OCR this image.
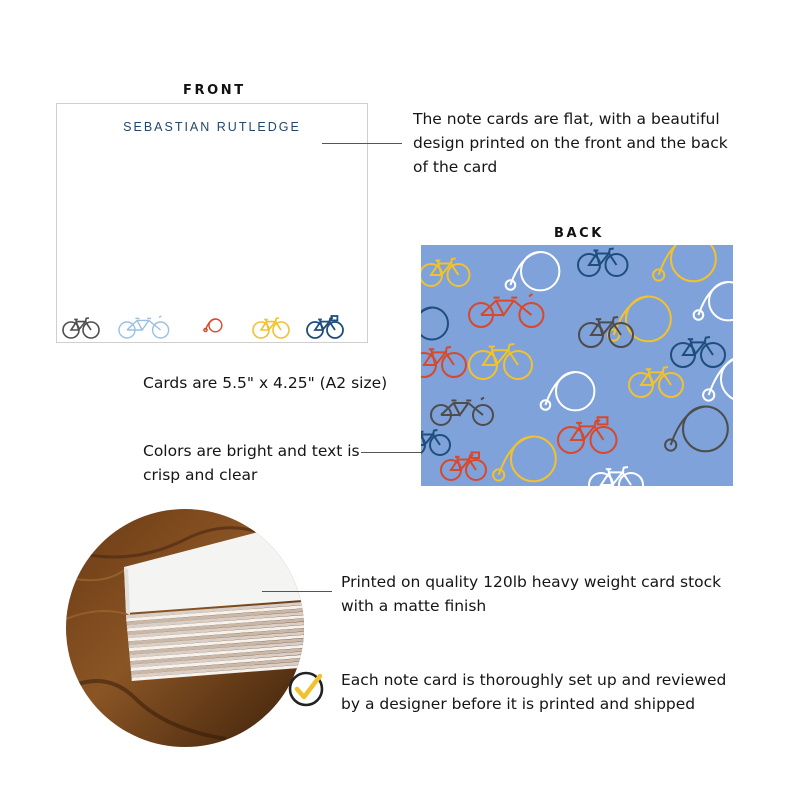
FRONT
SEBASTIAN RUTLEDGE	The note cards are flat, with a beautiful design printed on the front and the back of the card
BACK
Cards are 5.5" x 4.25" (A2 size)
Colors are bright and text is crisp and clear
Printed on quality 120lb heavy weight card stock with a matte finish
Each note card is thoroughly set up and reviewed by a designer before it is printed and shipped
